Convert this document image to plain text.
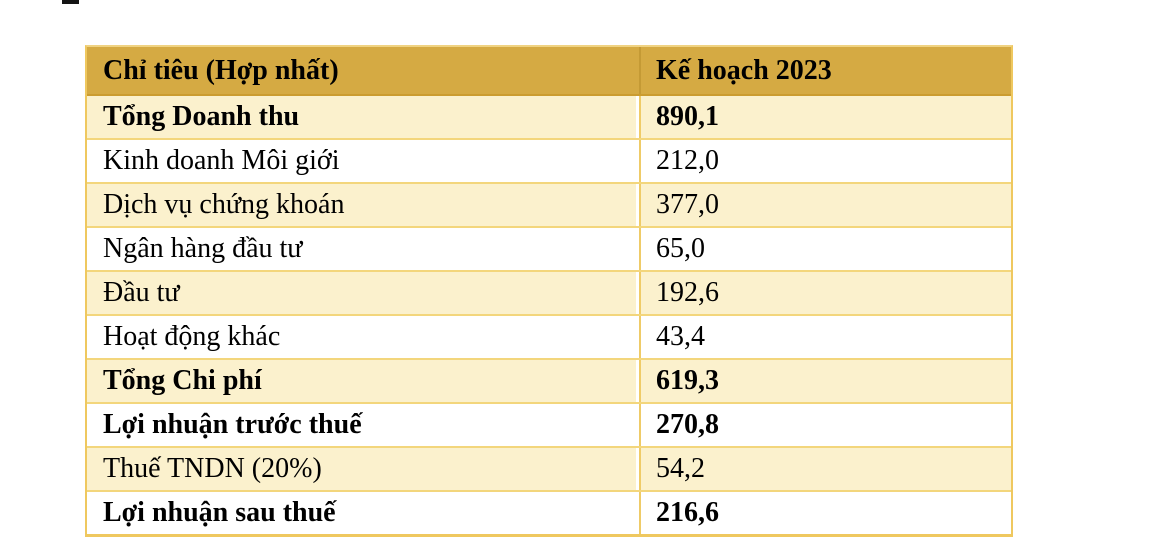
Chỉ tiêu (Hợp nhất)	Kế hoạch 2023
Tổng Doanh thu	890,1
Kinh doanh Môi giới	212,0
Dịch vụ chứng khoán	377,0
Ngân hàng đầu tư	65,0
Đầu tư	192,6
Hoạt động khác	43,4
Tổng Chi phí	619,3
Lợi nhuận trước thuế	270,8
Thuế TNDN (20%)	54,2
Lợi nhuận sau thuế	216,6
